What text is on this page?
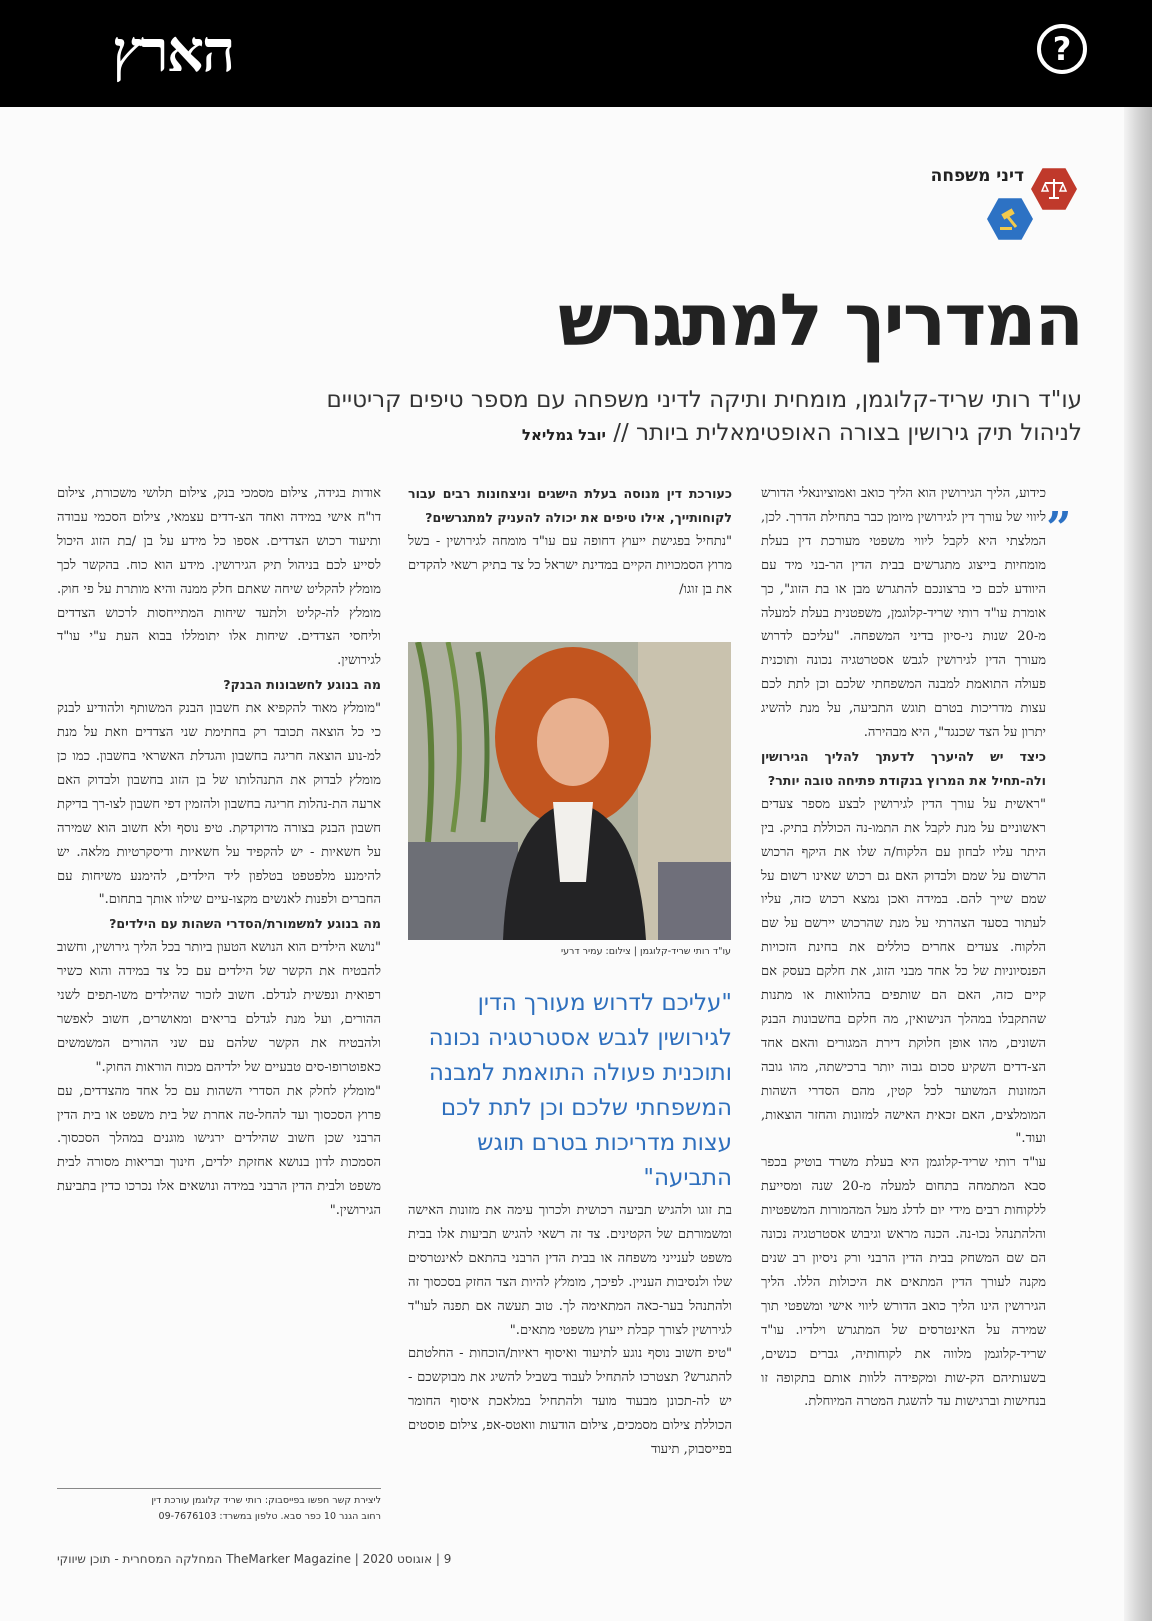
הארץ	?
דיני משפחה
המדריך למתגרש
עו"ד רותי שריד-קלוגמן, מומחית ותיקה לדיני משפחה עם מספר טיפים קריטיים
לניהול תיק גירושין בצורה האופטימאלית ביותר // יובל גמליאל
„

כידוע, הליך הגירושין הוא הליך כואב ואמוציונאלי הדורש ליווי של עורך דין לגירושין מיומן כבר בתחילת הדרך. לכן, המלצתי היא לקבל ליווי משפטי מעורכת דין בעלת מומחיות בייצוג מתגרשים בבית הדין הר-בני מיד עם היוודע לכם כי ברצונכם להתגרש מבן או בת הזוג", כך אומרת עו"ד רותי שריד-קלוגמן, משפטנית בעלת למעלה מ-20 שנות ני-סיון בדיני המשפחה. "עליכם לדרוש מעורך הדין לגירושין לגבש אסטרטגיה נכונה ותוכנית פעולה התואמת למבנה המשפחתי שלכם וכן לתת לכם עצות מדריכות בטרם תוגש התביעה, על מנת להשיג יתרון על הצד שכנגד", היא מבהירה.

כיצד יש להיערך לדעתך להליך הגירושין ולה-תחיל את המרוץ בנקודת פתיחה טובה יותר?

"ראשית על עורך הדין לגירושין לבצע מספר צעדים ראשוניים על מנת לקבל את התמו-נה הכוללת בתיק. בין היתר עליו לבחון עם הלקוח/ה שלו את היקף הרכוש הרשום על שמם ולבדוק האם גם רכוש שאינו רשום על שמם שייך להם. במידה ואכן נמצא רכוש כזה, עליו לעתור בסעד הצהרתי על מנת שהרכוש יירשם על שם הלקוח. צעדים אחרים כוללים את בחינת הזכויות הפנסיוניות של כל אחד מבני הזוג, את חלקם בעסק אם קיים כזה, האם הם שותפים בהלוואות או מתנות שהתקבלו במהלך הנישואין, מה חלקם בחשבונות הבנק השונים, מהו אופן חלוקת דירת המגורים והאם אחד הצ-דדים השקיע סכום גבוה יותר ברכישתה, מהו גובה המזונות המשוער לכל קטין, מהם הסדרי השהות המומלצים, האם זכאית האישה למזונות והחזר הוצאות, ועוד."

עו"ד רותי שריד-קלוגמן היא בעלת משרד בוטיק בכפר סבא המתמחה בתחום למעלה מ-20 שנה ומסייעת ללקוחות רבים מידי יום לדלג מעל המהמורות המשפטיות והלהתנהל נכו-נה. הכנה מראש וגיבוש אסטרטגיה נכונה הם שם המשחק בבית הדין הרבני ורק ניסיון רב שנים מקנה לעורך הדין המתאים את היכולות הללו. הליך הגירושין הינו הליך כואב הדורש ליווי אישי ומשפטי תוך שמירה על האינטרסים של המתגרש וילדיו. עו"ד שריד-קלוגמן מלווה את לקוחותיה, גברים כנשים, בשעותיהם הק-שות ומקפידה ללוות אותם בתקופה זו בנחישות וברגישות עד להשגת המטרה המיוחלת.

כעורכת דין מנוסה בעלת הישגים וניצחונות רבים עבור לקוחותייך, אילו טיפים את יכולה להעניק למתגרשים?

"נתחיל בפגישת ייעוץ דחופה עם עו"ד מומחה לגירושין - בשל מרוץ הסמכויות הקיים במדינת ישראל כל צד בתיק רשאי להקדים את בן זוגו/

עו"ד רותי שריד-קלוגמן | צילום: עמיר דרעי
"עליכם לדרוש מעורך הדין לגירושין לגבש אסטרטגיה נכונה ותוכנית פעולה התואמת למבנה המשפחתי שלכם וכן לתת לכם עצות מדריכות בטרם תוגש התביעה"

בת זוגו ולהגיש תביעה רכושית ולכרוך עימה את מזונות האישה ומשמורתם של הקטינים. צד זה רשאי להגיש תביעות אלו בבית משפט לענייני משפחה או בבית הדין הרבני בהתאם לאינטרסים שלו ולנסיבות העניין. לפיכך, מומלץ להיות הצד החזק בסכסוך זה ולהתנהל בער-כאה המתאימה לך. טוב תעשה אם תפנה לעו"ד לגירושין לצורך קבלת ייעוץ משפטי מתאים."

"טיפ חשוב נוסף נוגע לתיעוד ואיסוף ראיות/הוכחות - החלטתם להתגרש? תצטרכו להתחיל לעבוד בשביל להשיג את מבוקשכם - יש לה-תכונן מבעוד מועד ולהתחיל במלאכת איסוף החומר הכוללת צילום מסמכים, צילום הודעות וואטס-אפ, צילום פוסטים בפייסבוק, תיעוד

אודות בגידה, צילום מסמכי בנק, צילום תלושי משכורת, צילום דו"ח אישי במידה ואחד הצ-דדים עצמאי, צילום הסכמי עבודה ותיעוד רכוש הצדדים. אספו כל מידע על בן /בת הזוג היכול לסייע לכם בניהול תיק הגירושין. מידע הוא כוח. בהקשר לכך מומלץ להקליט שיחה שאתם חלק ממנה והיא מותרת על פי חוק. מומלץ לה-קליט ולתעד שיחות המתייחסות לרכוש הצדדים וליחסי הצדדים. שיחות אלו יתומללו בבוא העת ע"י עו"ד לגירושין.

מה בנוגע לחשבונות הבנק?

"מומלץ מאוד להקפיא את חשבון הבנק המשותף ולהודיע לבנק כי כל הוצאה תכובד רק בחתימת שני הצדדים וזאת על מנת למ-נוע הוצאה חריגה בחשבון והגדלת האשראי בחשבון. כמו כן מומלץ לבדוק את התנהלותו של בן הזוג בחשבון ולבדוק האם ארעה הת-נהלות חריגה בחשבון ולהזמין דפי חשבון לצו-רך בדיקת חשבון הבנק בצורה מדוקדקת. טיפ נוסף ולא חשוב הוא שמירה על חשאיות - יש להקפיד על חשאיות ודיסקרטיות מלאה. יש להימנע מלפטפט בטלפון ליד הילדים, להימנע משיחות עם החברים ולפנות לאנשים מקצו-עיים שילוו אותך בתחום."

מה בנוגע למשמורת/הסדרי השהות עם הילדים?

"נושא הילדים הוא הנושא הטעון ביותר בכל הליך גירושין, וחשוב להבטיח את הקשר של הילדים עם כל צד במידה והוא כשיר רפואית ונפשית לגדלם. חשוב לזכור שהילדים משו-תפים לשני ההורים, ועל מנת לגדלם בריאים ומאושרים, חשוב לאפשר ולהבטיח את הקשר שלהם עם שני ההורים המשמשים כאפוטרופו-סים טבעיים של ילדיהם מכוח הוראות החוק."

"מומלץ לחלק את הסדרי השהות עם כל אחד מהצדדים, עם פרוץ הסכסוך ועד להחל-טה אחרת של בית משפט או בית הדין הרבני שכן חשוב שהילדים ירגישו מוגנים במהלך הסכסוך. הסמכות לדון בנושא אחזקת ילדים, חינוך ובריאות מסורה לבית משפט ולבית הדין הרבני במידה ונושאים אלו נכרכו כדין בתביעת הגירושין."

ליצירת קשר חפשו בפייסבוק: רותי שריד קלוגמן עורכת דין
רחוב הגנר 10 כפר סבא. טלפון במשרד: 09-7676103
9 | אוגוסט 2020 | TheMarker Magazine המחלקה המסחרית - תוכן שיווקי
